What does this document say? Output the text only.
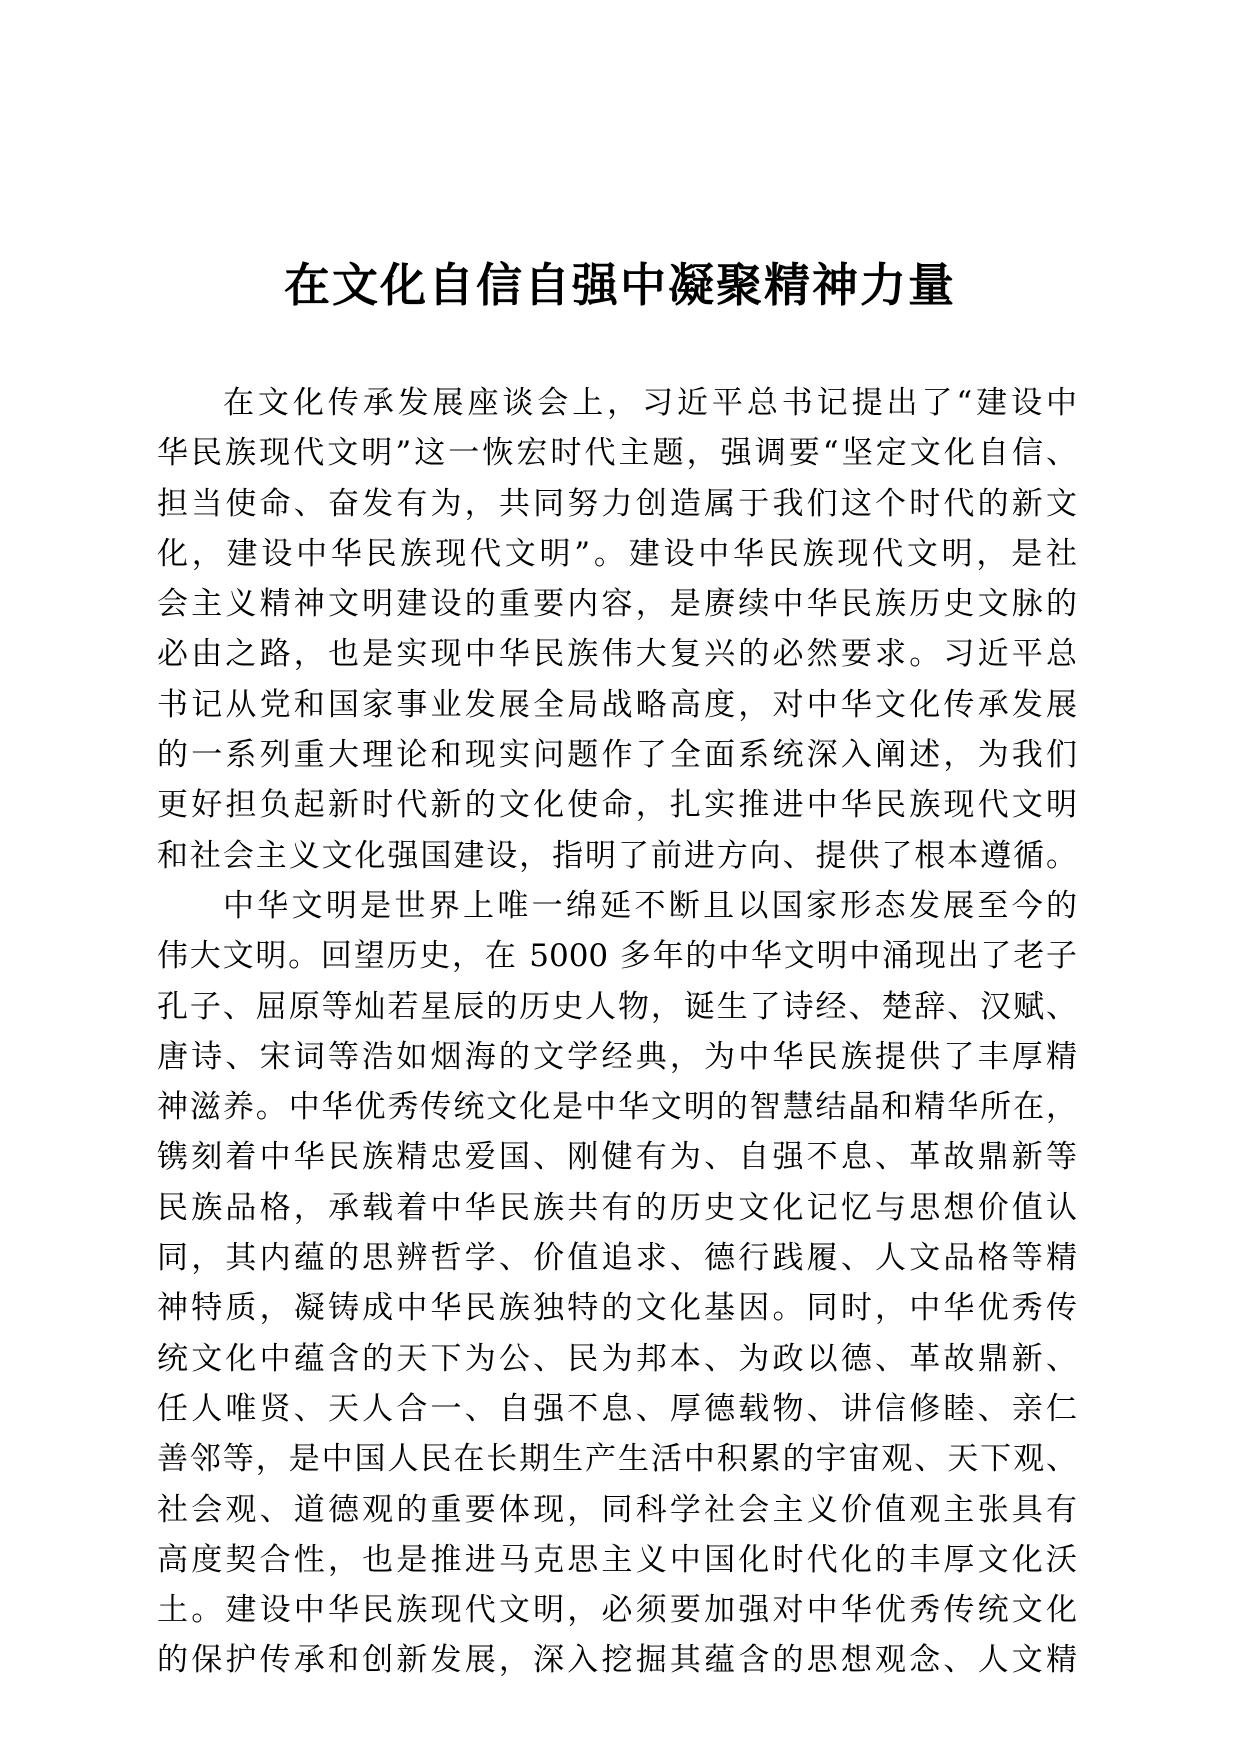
在文化自信自强中凝聚精神力量
在文化传承发展座谈会上，习近平总书记提出了“建设中
华民族现代文明”这一恢宏时代主题，强调要“坚定文化自信、
担当使命、奋发有为，共同努力创造属于我们这个时代的新文
化，建设中华民族现代文明”。建设中华民族现代文明，是社
会主义精神文明建设的重要内容，是赓续中华民族历史文脉的
必由之路，也是实现中华民族伟大复兴的必然要求。习近平总
书记从党和国家事业发展全局战略高度，对中华文化传承发展
的一系列重大理论和现实问题作了全面系统深入阐述，为我们
更好担负起新时代新的文化使命，扎实推进中华民族现代文明
和社会主义文化强国建设，指明了前进方向、提供了根本遵循。
中华文明是世界上唯一绵延不断且以国家形态发展至今的
伟大文明。回望历史，在 5000 多年的中华文明中涌现出了老子
孔子、屈原等灿若星辰的历史人物，诞生了诗经、楚辞、汉赋、
唐诗、宋词等浩如烟海的文学经典，为中华民族提供了丰厚精
神滋养。中华优秀传统文化是中华文明的智慧结晶和精华所在，
镌刻着中华民族精忠爱国、刚健有为、自强不息、革故鼎新等
民族品格，承载着中华民族共有的历史文化记忆与思想价值认
同，其内蕴的思辨哲学、价值追求、德行践履、人文品格等精
神特质，凝铸成中华民族独特的文化基因。同时，中华优秀传
统文化中蕴含的天下为公、民为邦本、为政以德、革故鼎新、
任人唯贤、天人合一、自强不息、厚德载物、讲信修睦、亲仁
善邻等，是中国人民在长期生产生活中积累的宇宙观、天下观、
社会观、道德观的重要体现，同科学社会主义价值观主张具有
高度契合性，也是推进马克思主义中国化时代化的丰厚文化沃
土。建设中华民族现代文明，必须要加强对中华优秀传统文化
的保护传承和创新发展，深入挖掘其蕴含的思想观念、人文精
